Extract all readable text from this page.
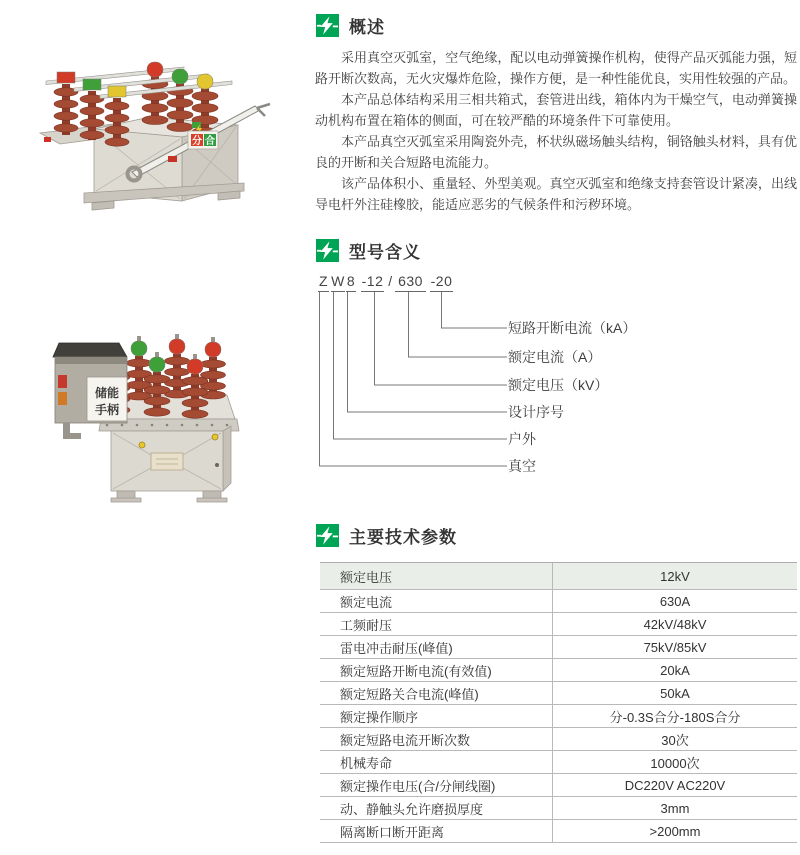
分 合
储能
手柄
概述

采用真空灭弧室，空气绝缘，配以电动弹簧操作机构，使得产品灭弧能力强，短路开断次数高，无火灾爆炸危险，操作方便，是一种性能优良，实用性较强的产品。

本产品总体结构采用三相共箱式，套管进出线，箱体内为干燥空气，电动弹簧操动机构布置在箱体的侧面，可在较严酷的环境条件下可靠使用。

本产品真空灭弧室采用陶瓷外壳，杯状纵磁场触头结构，铜铬触头材料，具有优良的开断和关合短路电流能力。

该产品体积小、重量轻、外型美观。真空灭弧室和绝缘支持套管设计紧凑，出线导电杆外注硅橡胶，能适应恶劣的气候条件和污秽环境。

型号含义
Z W 8 -12 / 630 -20
短路开断电流（kA）
额定电流（A）
额定电压（kV）
设计序号
户外
真空
主要技术参数
额定电压	12kV
额定电流	630A
工频耐压	42kV/48kV
雷电冲击耐压(峰值)	75kV/85kV
额定短路开断电流(有效值)	20kA
额定短路关合电流(峰值)	50kA
额定操作顺序	分-0.3S合分-180S合分
额定短路电流开断次数	30次
机械寿命	10000次
额定操作电压(合/分闸线圈)	DC220V AC220V
动、静触头允许磨损厚度	3mm
隔离断口断开距离	>200mm
